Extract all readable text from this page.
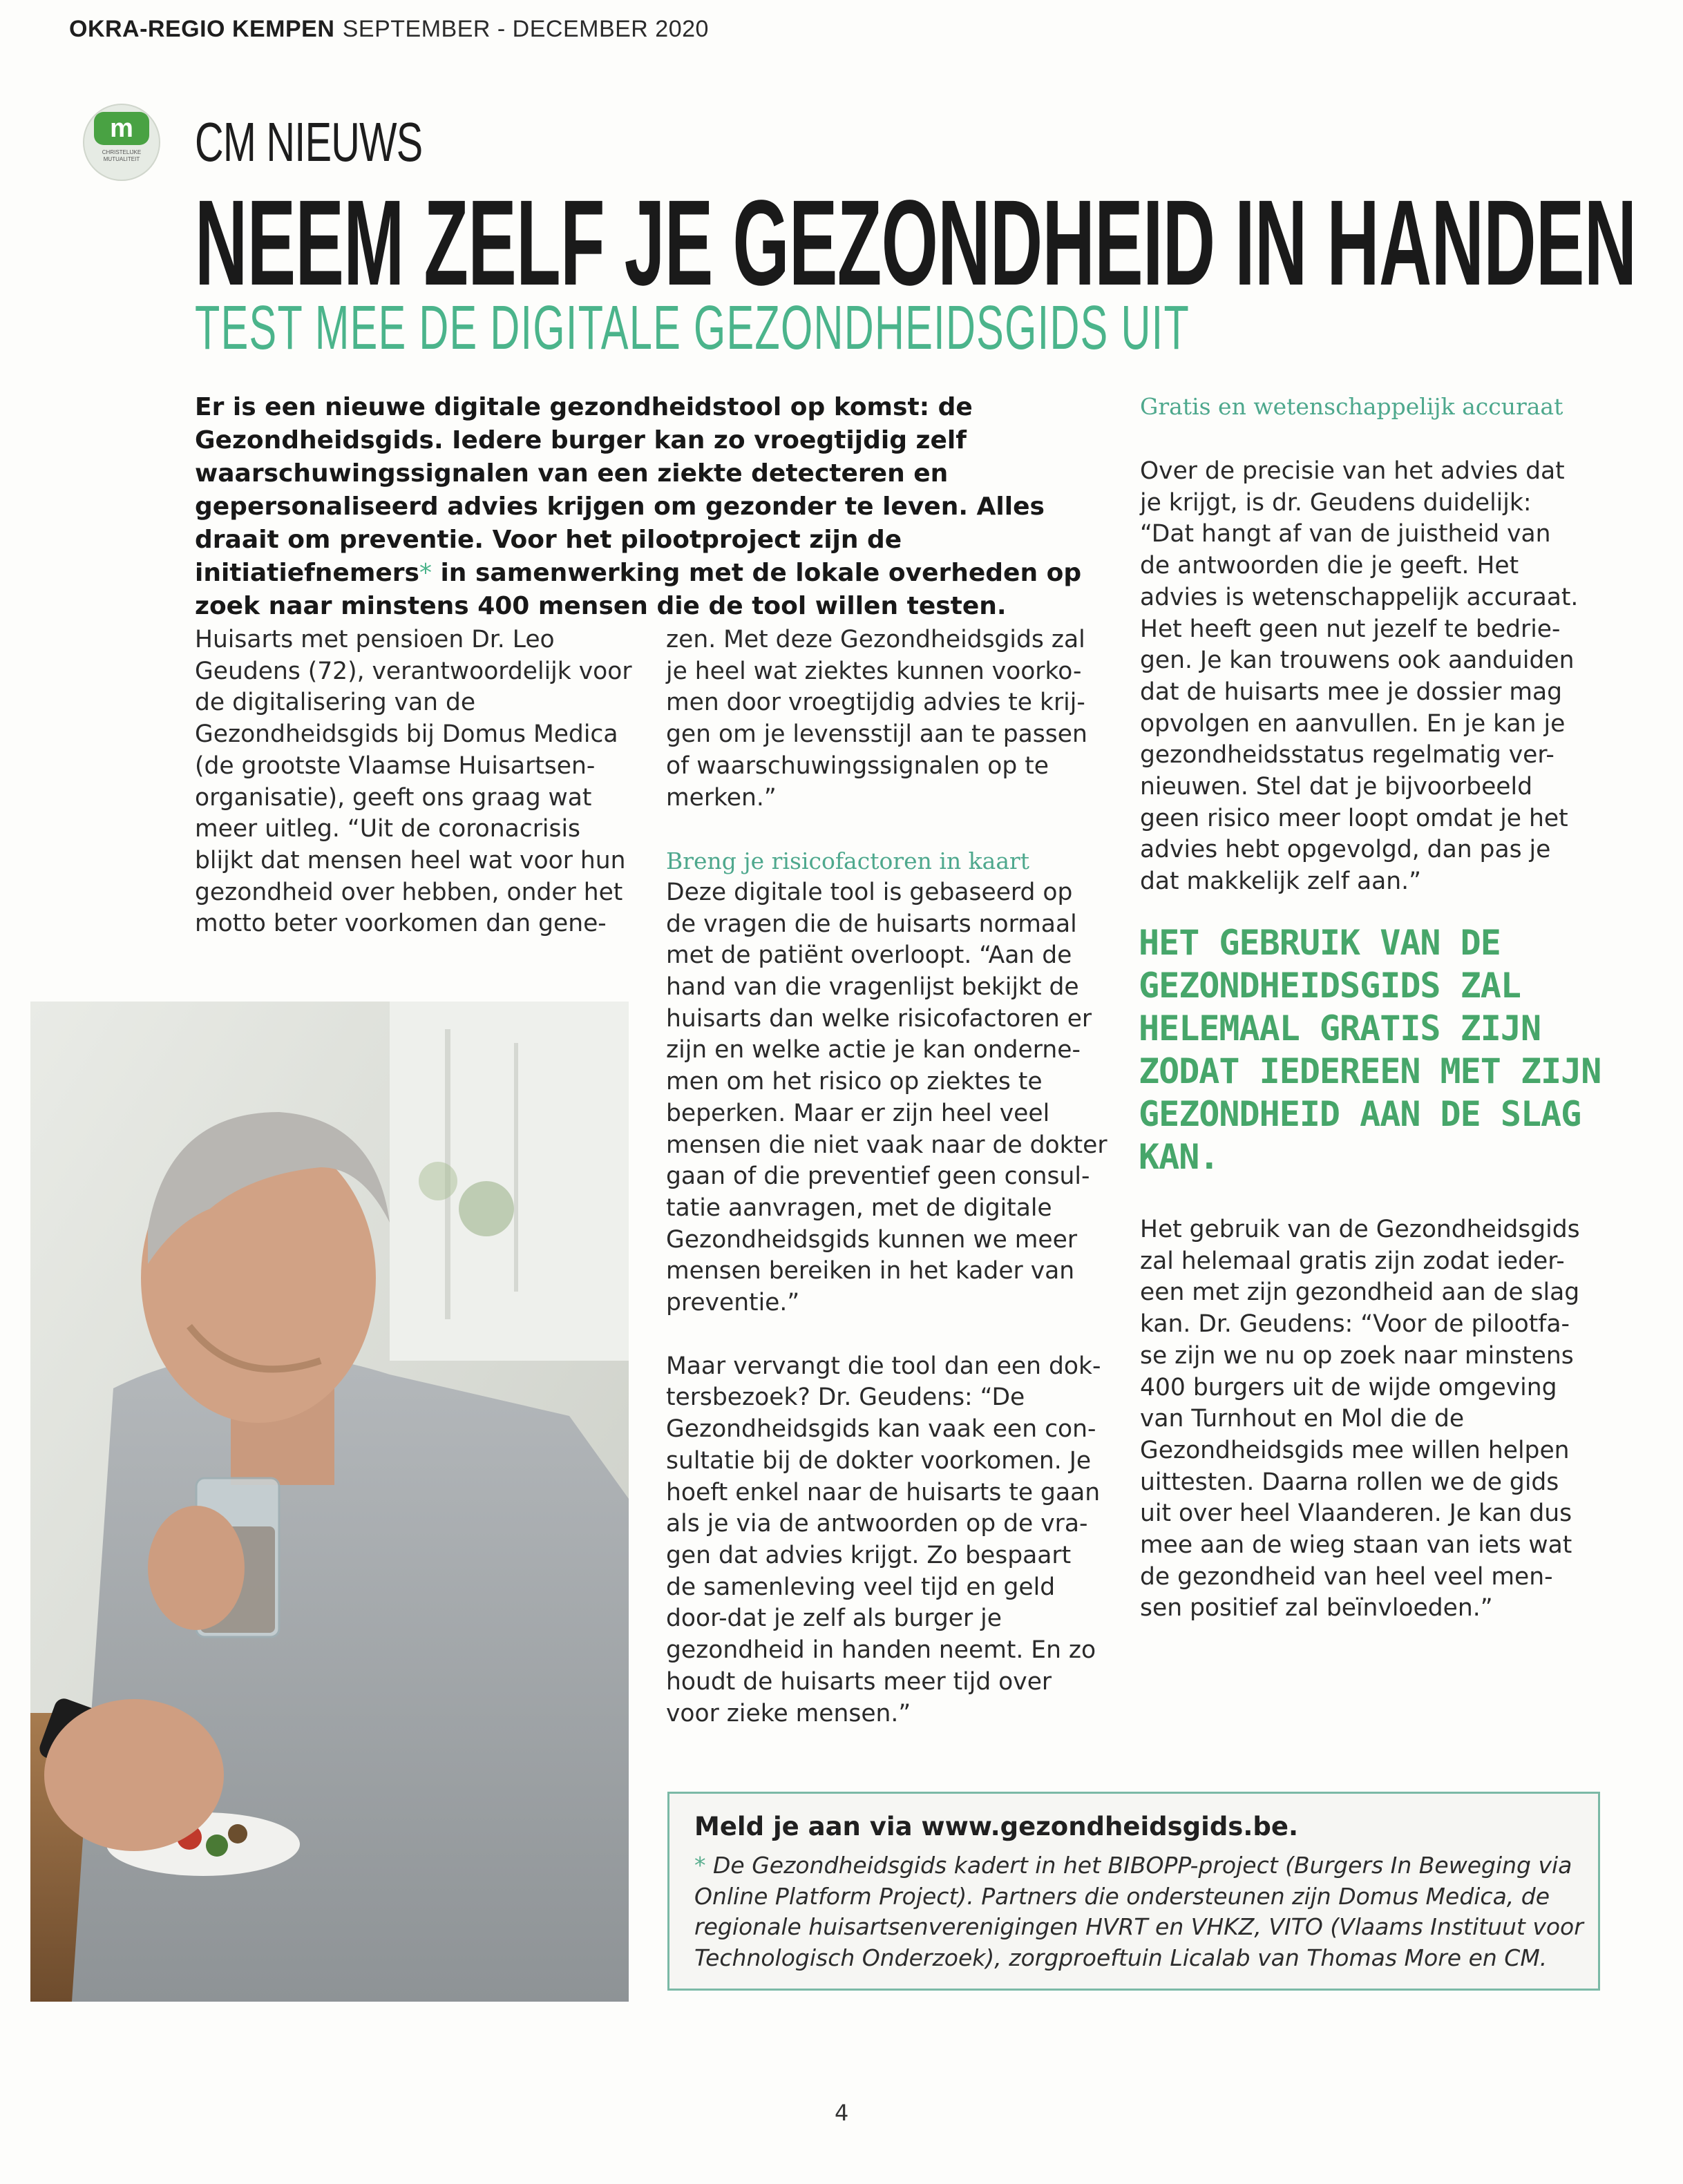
OKRA-REGIO KEMPEN SEPTEMBER - DECEMBER 2020
m
CHRISTELIJKE MUTUALITEIT CM NIEUWS
NEEM ZELF JE GEZONDHEID IN HANDEN
TEST MEE DE DIGITALE GEZONDHEIDSGIDS UIT

Er is een nieuwe digitale gezondheidstool op komst: de Gezondheidsgids. Iedere burger kan zo vroegtijdig zelf waarschuwingssignalen van een ziekte detecteren en gepersonaliseerd advies krijgen om gezonder te leven. Alles draait om preventie. Voor het pilootproject zijn de initiatiefnemers* in samenwerking met de lokale overheden op zoek naar minstens 400 mensen die de tool willen testen.

Huisarts met pensioen Dr. Leo Geudens (72), verantwoordelijk voor de digitalisering van de Gezondheidsgids bij Domus Medica (de grootste Vlaamse Huisartsen-organisatie), geeft ons graag wat meer uitleg. “Uit de coronacrisis blijkt dat mensen heel wat voor hun gezondheid over hebben, onder het motto beter voorkomen dan gene-

zen. Met deze Gezondheidsgids zal je heel wat ziektes kunnen voorko-men door vroegtijdig advies te krij-gen om je levensstijl aan te passen of waarschuwingssignalen op te merken.”

Breng je risicofactoren in kaart

Deze digitale tool is gebaseerd op de vragen die de huisarts normaal met de patiënt overloopt. “Aan de hand van die vragenlijst bekijkt de huisarts dan welke risicofactoren er zijn en welke actie je kan onderne-men om het risico op ziektes te beperken. Maar er zijn heel veel mensen die niet vaak naar de dokter gaan of die preventief geen consul-tatie aanvragen, met de digitale Gezondheidsgids kunnen we meer mensen bereiken in het kader van preventie.”

Maar vervangt die tool dan een dok-tersbezoek? Dr. Geudens: “De Gezondheidsgids kan vaak een con-sultatie bij de dokter voorkomen. Je hoeft enkel naar de huisarts te gaan als je via de antwoorden op de vra-gen dat advies krijgt. Zo bespaart de samenleving veel tijd en geld door-dat je zelf als burger je gezondheid in handen neemt. En zo houdt de huisarts meer tijd over voor zieke mensen.”

Gratis en wetenschappelijk accuraat

Over de precisie van het advies dat je krijgt, is dr. Geudens duidelijk: “Dat hangt af van de juistheid van de antwoorden die je geeft. Het advies is wetenschappelijk accuraat. Het heeft geen nut jezelf te bedrie-gen. Je kan trouwens ook aanduiden dat de huisarts mee je dossier mag opvolgen en aanvullen. En je kan je gezondheidsstatus regelmatig ver-nieuwen. Stel dat je bijvoorbeeld geen risico meer loopt omdat je het advies hebt opgevolgd, dan pas je dat makkelijk zelf aan.”

HET GEBRUIK VAN DE GEZONDHEIDSGIDS ZAL HELEMAAL GRATIS ZIJN ZODAT IEDEREEN MET ZIJN GEZONDHEID AAN DE SLAG KAN.

Het gebruik van de Gezondheidsgids zal helemaal gratis zijn zodat ieder-een met zijn gezondheid aan de slag kan. Dr. Geudens: “Voor de pilootfa-se zijn we nu op zoek naar minstens 400 burgers uit de wijde omgeving van Turnhout en Mol die de Gezondheidsgids mee willen helpen uittesten. Daarna rollen we de gids uit over heel Vlaanderen. Je kan dus mee aan de wieg staan van iets wat de gezondheid van heel veel men-sen positief zal beïnvloeden.”

Meld je aan via www.gezondheidsgids.be.

* De Gezondheidsgids kadert in het BIBOPP-project (Burgers In Beweging via Online Platform Project). Partners die ondersteunen zijn Domus Medica, de regionale huisartsenverenigingen HVRT en VHKZ, VITO (Vlaams Instituut voor Technologisch Onderzoek), zorgproeftuin Licalab van Thomas More en CM.

4
